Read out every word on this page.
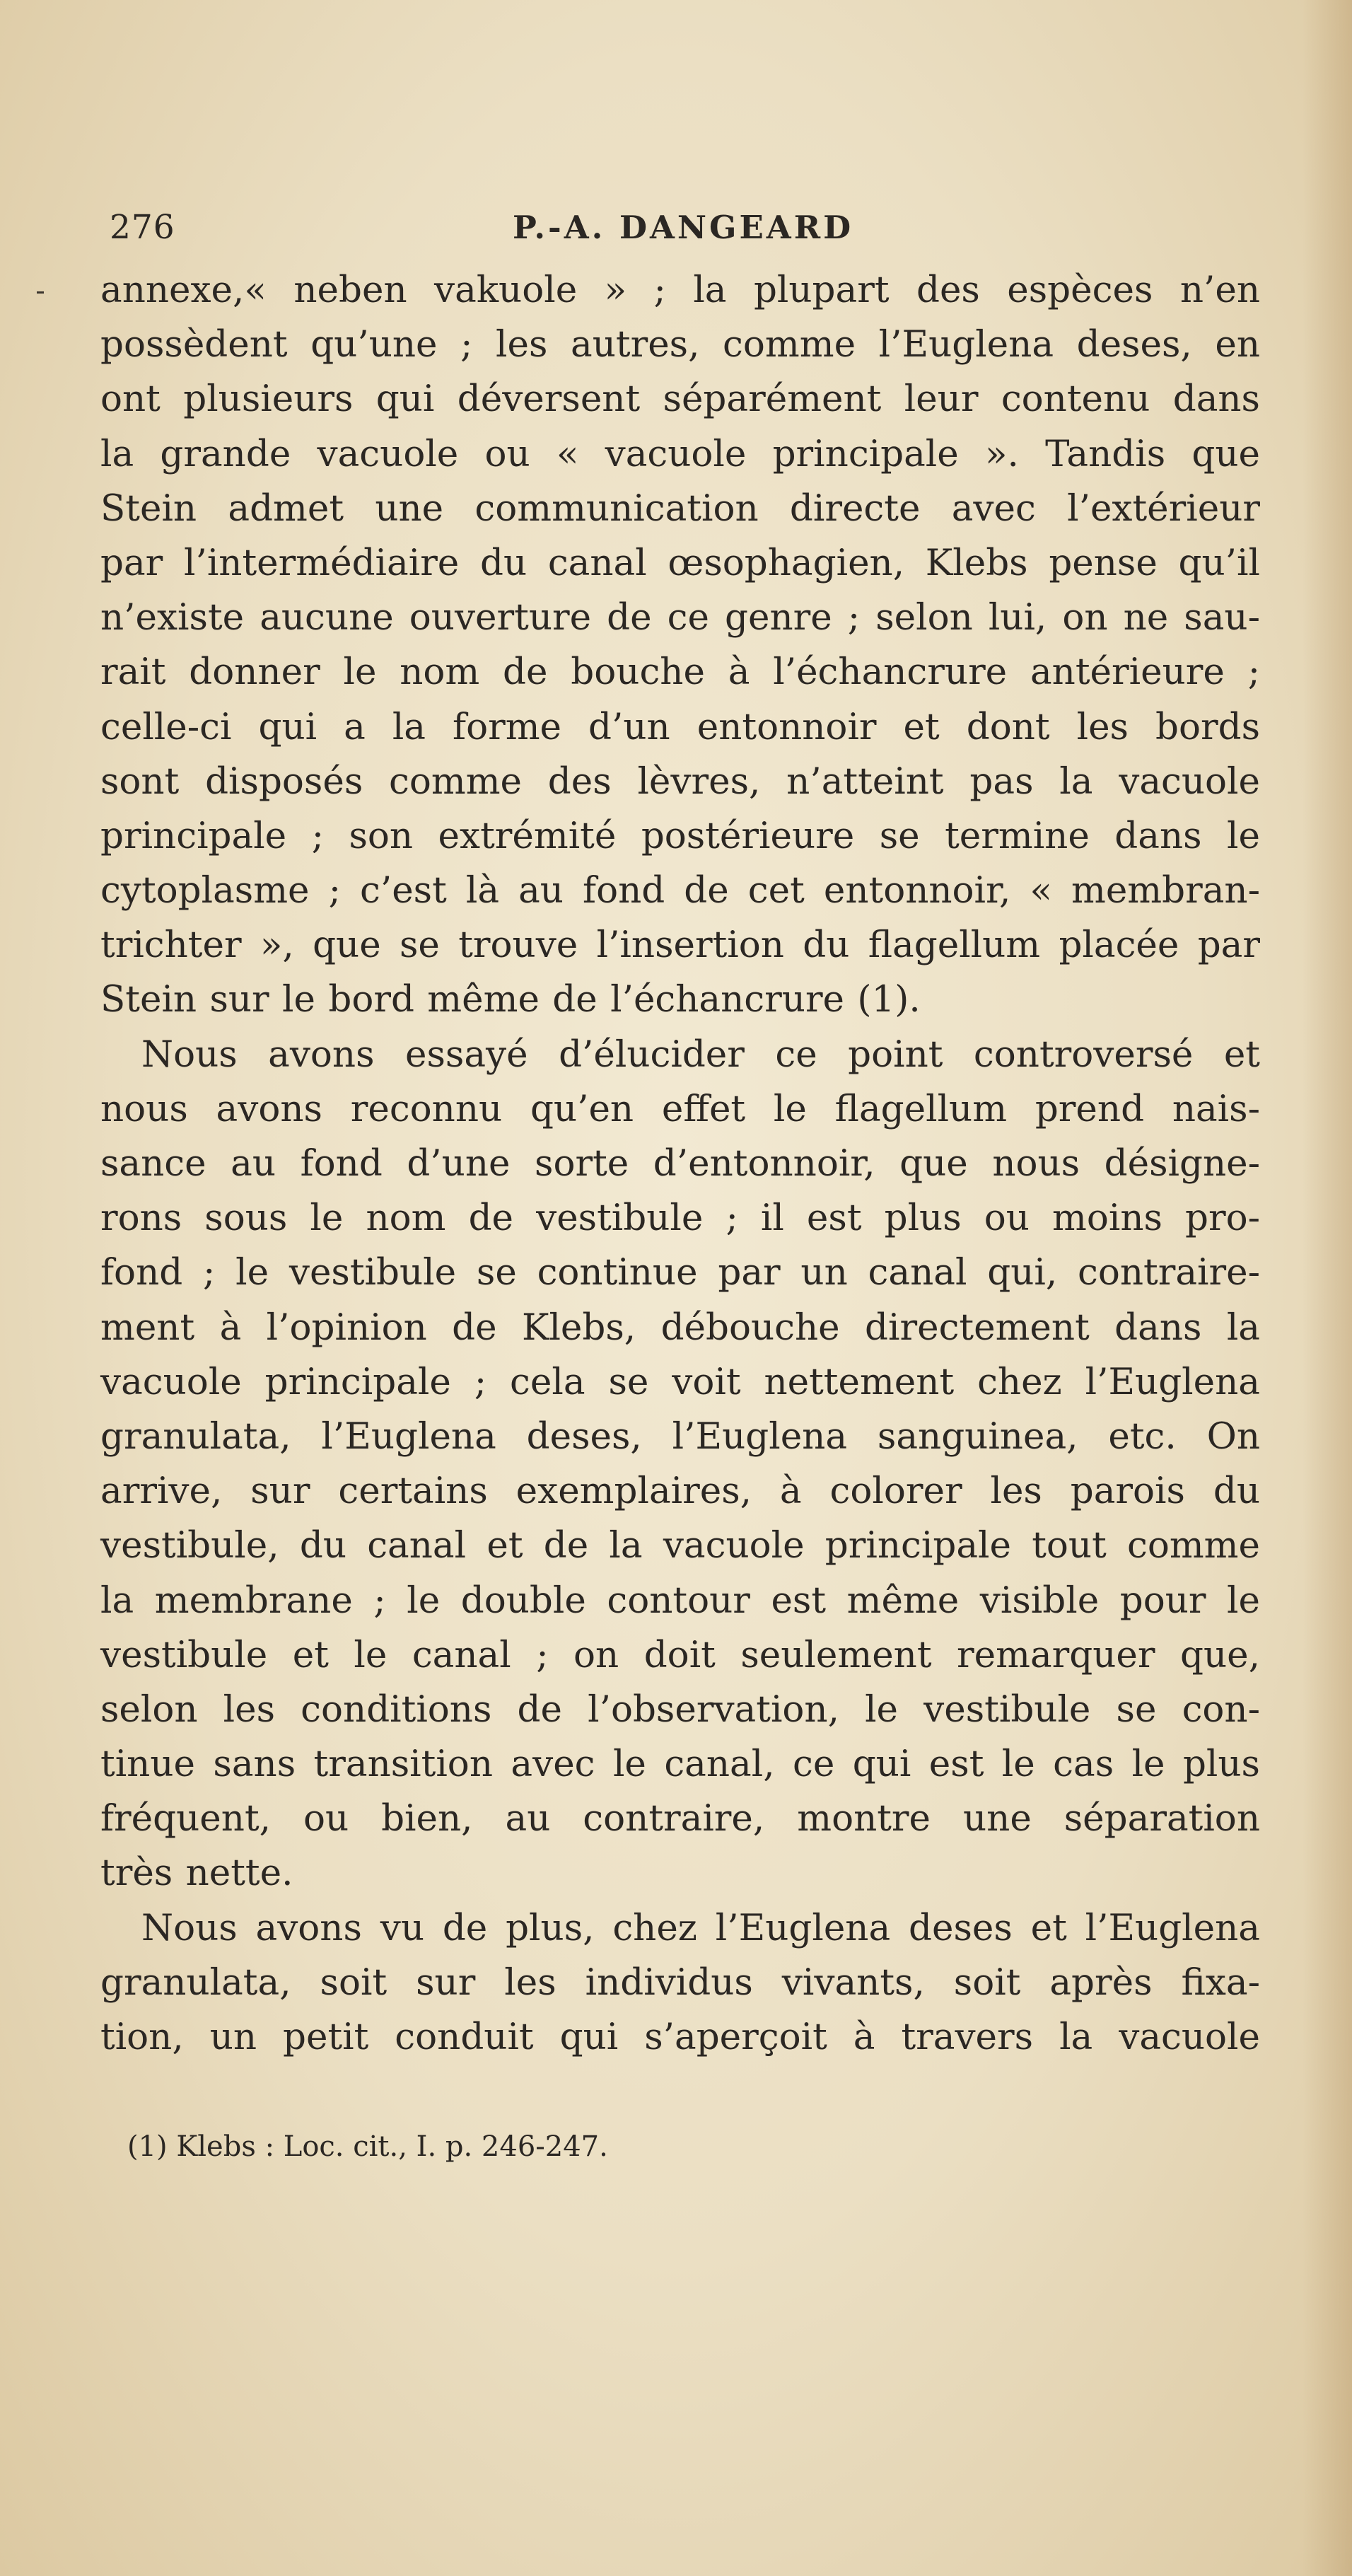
276	P.-A. DANGEARD
annexe,« neben vakuole » ; la plupart des espèces n’en
possèdent qu’une ; les autres, comme l’Euglena deses, en
ont plusieurs qui déversent séparément leur contenu dans
la grande vacuole ou « vacuole principale ». Tandis que
Stein admet une communication directe avec l’extérieur
par l’intermédiaire du canal œsophagien, Klebs pense qu’il
n’existe aucune ouverture de ce genre ; selon lui, on ne sau-
rait donner le nom de bouche à l’échancrure antérieure ;
celle-ci qui a la forme d’un entonnoir et dont les bords
sont disposés comme des lèvres, n’atteint pas la vacuole
principale ; son extrémité postérieure se termine dans le
cytoplasme ; c’est là au fond de cet entonnoir, « membran-
trichter », que se trouve l’insertion du flagellum placée par
Stein sur le bord même de l’échancrure (1).
Nous avons essayé d’élucider ce point controversé et
nous avons reconnu qu’en effet le flagellum prend nais-
sance au fond d’une sorte d’entonnoir, que nous désigne-
rons sous le nom de vestibule ; il est plus ou moins pro-
fond ; le vestibule se continue par un canal qui, contraire-
ment à l’opinion de Klebs, débouche directement dans la
vacuole principale ; cela se voit nettement chez l’Euglena
granulata, l’Euglena deses, l’Euglena sanguinea, etc. On
arrive, sur certains exemplaires, à colorer les parois du
vestibule, du canal et de la vacuole principale tout comme
la membrane ; le double contour est même visible pour le
vestibule et le canal ; on doit seulement remarquer que,
selon les conditions de l’observation, le vestibule se con-
tinue sans transition avec le canal, ce qui est le cas le plus
fréquent, ou bien, au contraire, montre une séparation
très nette.
Nous avons vu de plus, chez l’Euglena deses et l’Euglena
granulata, soit sur les individus vivants, soit après fixa-
tion, un petit conduit qui s’aperçoit à travers la vacuole
(1) Klebs : Loc. cit., I. p. 246-247.
